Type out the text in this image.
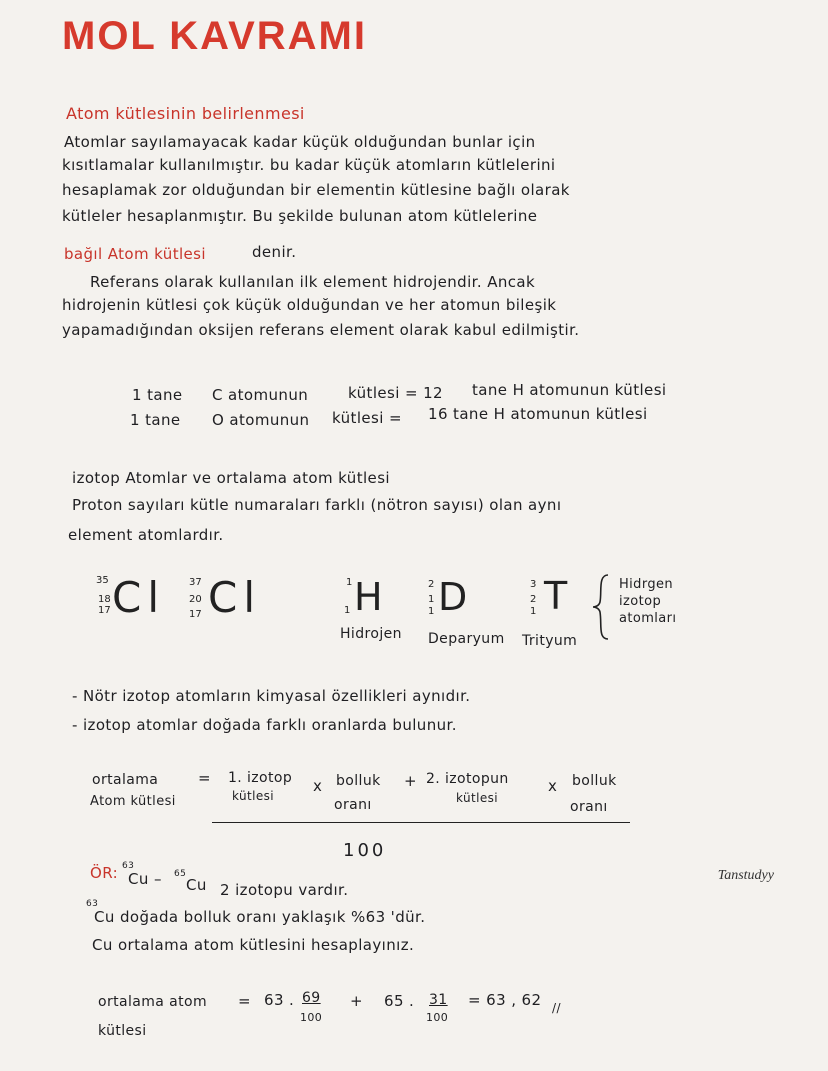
MOL KAVRAMI
Atom kütlesinin belirlenmesi
Atomlar sayılamayacak kadar küçük olduğundan bunlar için
kısıtlamalar kullanılmıştır. bu kadar küçük atomların kütlelerini
hesaplamak zor olduğundan bir elementin kütlesine bağlı olarak
kütleler hesaplanmıştır. Bu şekilde bulunan atom kütlelerine
bağıl Atom kütlesi	denir.
Referans olarak kullanılan ilk element hidrojendir. Ancak
hidrojenin kütlesi çok küçük olduğundan ve her atomun bileşik
yapamadığından oksijen referans element olarak kabul edilmiştir.
1 tane C atomunun	kütlesi = 12 tane H atomunun kütlesi
1 tane O atomunun kütlesi = 16 tane H atomunun kütlesi
izotop Atomlar ve ortalama atom kütlesi
Proton sayıları kütle numaraları farklı (nötron sayısı) olan aynı
element atomlardır.
35
18
17 Cl 37
20
17 Cl	1
1 H	2
1
1 D	3
2
1 T
Hidrojen Deparyum Trityum
Hidrgen
izotop
atomları
- Nötr izotop atomların kimyasal özellikleri aynıdır.
- izotop atomlar doğada farklı oranlarda bulunur.
ortalama
Atom kütlesi
= 1. izotop
kütlesi
x bolluk
oranı
+ 2. izotopun
kütlesi
x bolluk
oranı
100
ÖR: 63
Cu – 65
Cu 2 izotopu vardır.
63
Cu doğada bolluk oranı yaklaşık %63 'dür.
Cu ortalama atom kütlesini hesaplayınız.
ortalama atom
kütlesi
= 63 . 69
100
+ 65 . 31
100
= 63 , 62 //
Tanstudyy
